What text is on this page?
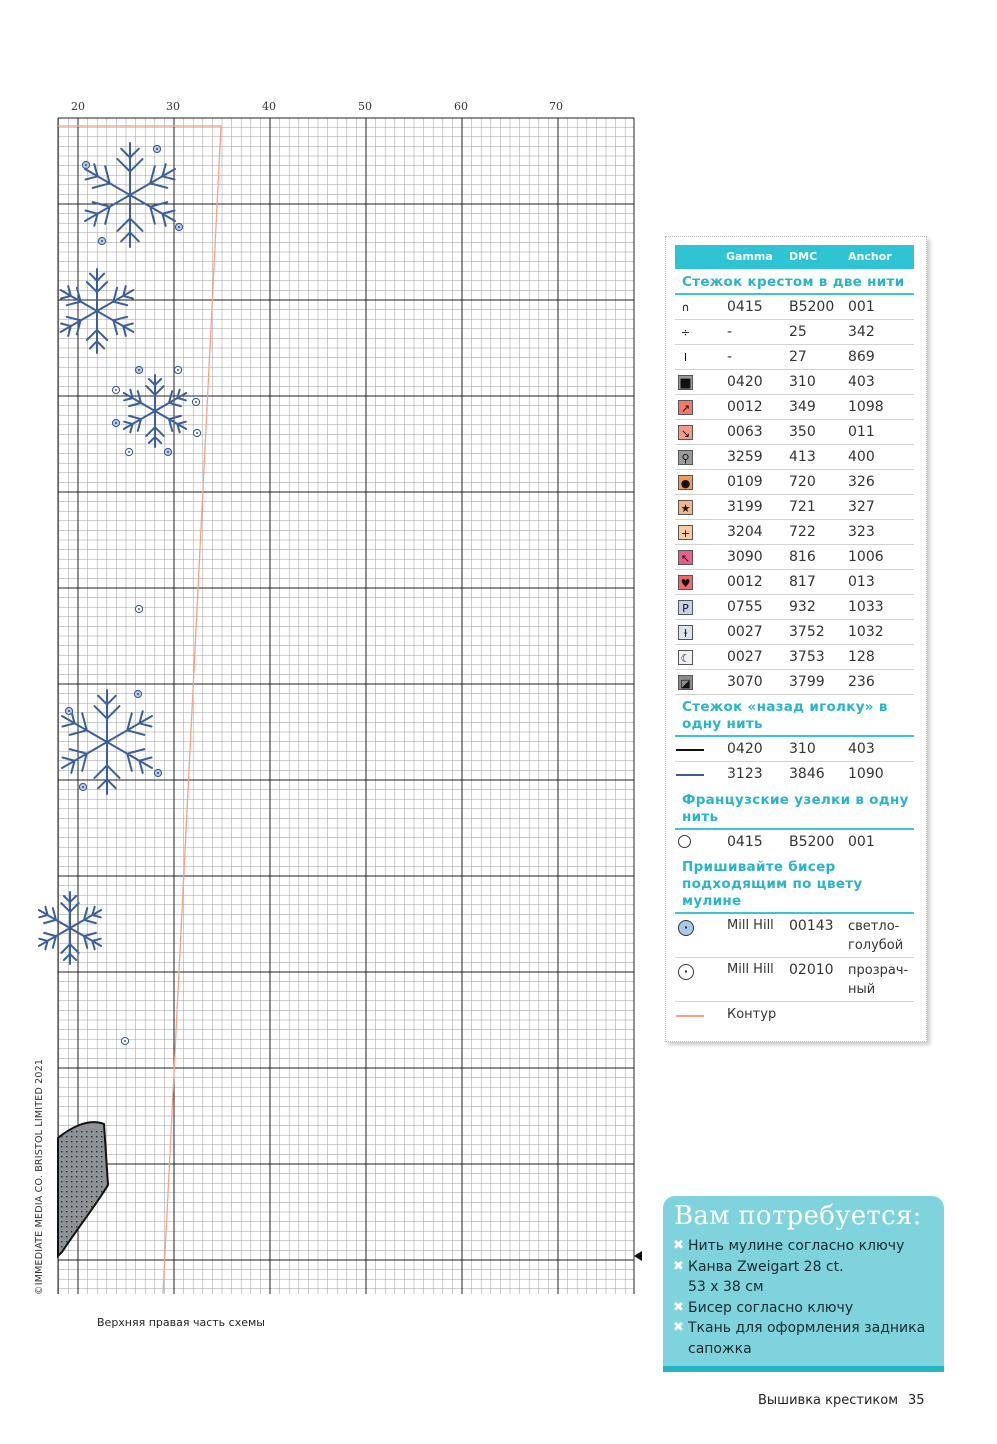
20	30	40	50	60	70
©IMMEDIATE MEDIA CO. BRISTOL LIMITED 2021
Верхняя правая часть схемы
Gamma DMC	Anchor
Стежок крестом в две нити
∩	0415 B5200 001
÷	-	25	342
I	-	27	869
■	0420 310 403
↗	0012 349 1098
↘	0063 350 011
⚲	3259 413 400
●	0109 720 326
★	3199 721 327
+	3204 722 323
↖	3090 816 1006
♥	0012 817 013
P	0755 932 1033
ɫ	0027 3752 1032
☾	0027 3753 128
◪	3070 3799 236
Стежок «назад иголку» в одну нить
0420 310 403
3123 3846 1090
Французские узелки в одну нить
0415 B5200 001
Пришивайте бисер подходящим по цвету мулине
·	Mill Hill 00143 светло-голубой
·	Mill Hill 02010 прозрач-ный
Контур
Вам потребуется:
✖ Нить мулине согласно ключу
✖ Канва Zweigart 28 ct.
53 x 38 см
✖ Бисер согласно ключу
✖ Ткань для оформления задника
сапожка
Вышивка крестиком 35
